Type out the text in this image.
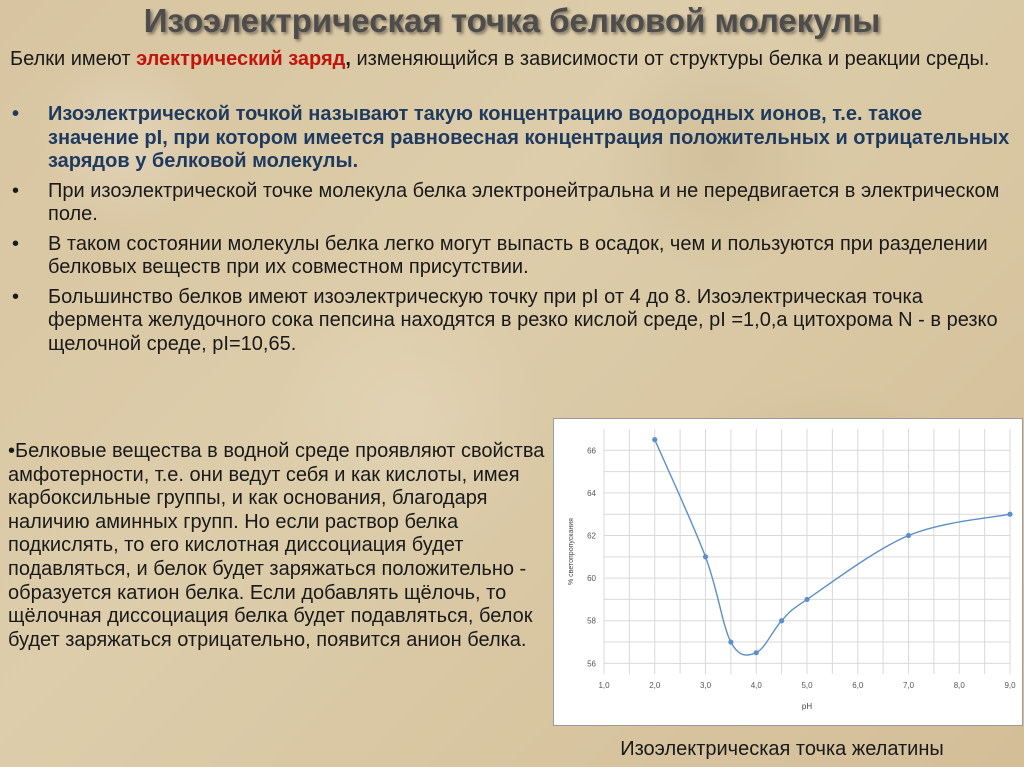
Изоэлектрическая точка белковой молекулы
Белки имеют электрический заряд, изменяющийся в зависимости от структуры белка и реакции среды.
• Изоэлектрической точкой называют такую концентрацию водородных ионов, т.е. такое значение pI, при котором имеется равновесная концентрация положительных и отрицательных зарядов у белковой молекулы.
• При изоэлектрической точке молекула белка электронейтральна и не передвигается в электрическом поле.
• В таком состоянии молекулы белка легко могут выпасть в осадок, чем и пользуются при разделении белковых веществ при их совместном присутствии.
• Большинство белков имеют изоэлектрическую точку при pI от 4 до 8. Изоэлектрическая точка фермента желудочного сока пепсина находятся в резко кислой среде, pI =1,0,а цитохрома N - в резко щелочной среде, pI=10,65.
•Белковые вещества в водной среде проявляют свойства амфотерности, т.е. они ведут себя и как кислоты, имея карбоксильные группы, и как основания, благодаря наличию аминных групп. Но если раствор белка подкислять, то его кислотная диссоциация будет подавляться, и белок будет заряжаться положительно - образуется катион белка. Если добавлять щёлочь, то щёлочная диссоциация белка будет подавляться, белок будет заряжаться отрицательно, появится анион белка.
1,0	2,0	3,0	4,0	5,0	6,0	7,0	8,0	9,0
56
58
60
62
64
66
pH
% светопропускания
Изоэлектрическая точка желатины
